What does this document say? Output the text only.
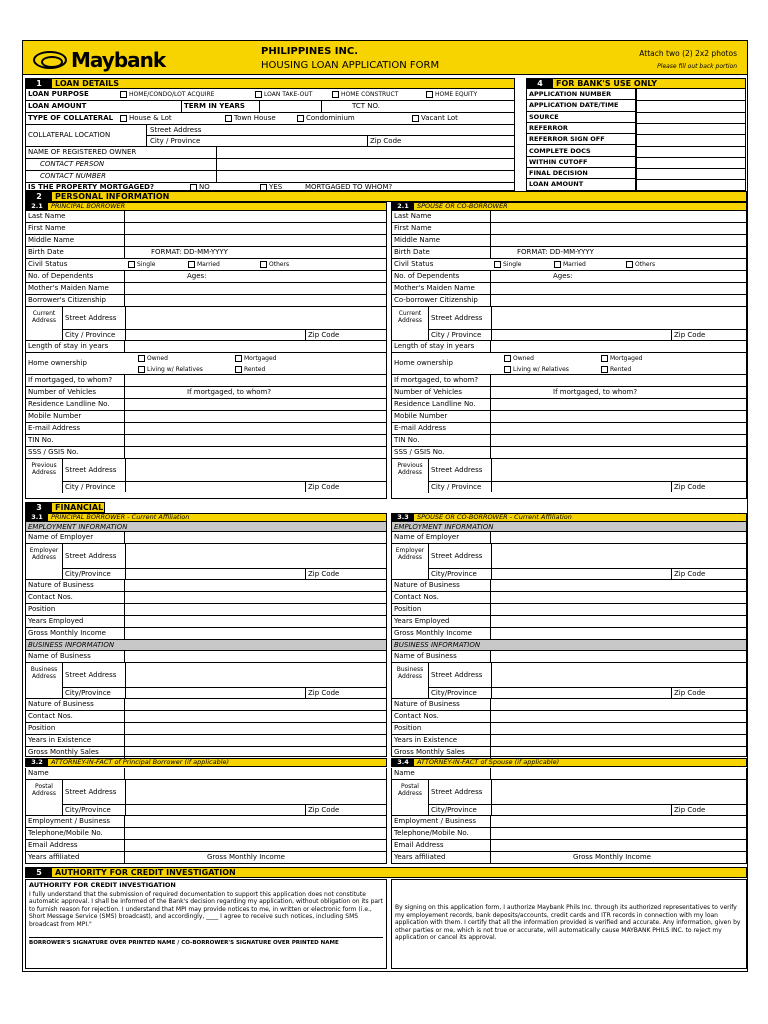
Maybank	PHILIPPINES INC.
HOUSING LOAN APPLICATION FORM
Attach two (2) 2x2 photos
Please fill out back portion
1 LOAN DETAILS
LOAN PURPOSE	HOME/CONDO/LOT ACQUIRE	LOAN TAKE-OUT	HOME CONSTRUCT	HOME EQUITY
LOAN AMOUNT	TERM IN YEARS	TCT NO.
TYPE OF COLLATERAL	House & Lot	Town House	Condominium	Vacant Lot
COLLATERAL LOCATION
Street Address
City / Province	Zip Code
NAME OF REGISTERED OWNER
CONTACT PERSON
CONTACT NUMBER
IS THE PROPERTY MORTGAGED?	NO	YES	MORTGAGED TO WHOM?
4 FOR BANK'S USE ONLY
APPLICATION NUMBER
APPLICATION DATE/TIME
SOURCE
REFERROR
REFERROR SIGN OFF
COMPLETE DOCS
WITHIN CUTOFF
FINAL DECISION
LOAN AMOUNT
2 PERSONAL INFORMATION
2.1 PRINCIPAL BORROWER	2.1 SPOUSE OR CO-BORROWER
Last Name
First Name
Middle Name
Birth Date	FORMAT: DD-MM-YYYY
Civil Status	Single	Married	Others
No. of Dependents	Ages:
Mother's Maiden Name
Borrower's Citizenship
Current Address	Street Address
City / Province	Zip Code
Length of stay in years
Home ownership
Owned	Mortgaged
Living w/ Relatives	Rented
If mortgaged, to whom?
Number of Vehicles	If mortgaged, to whom?
Residence Landline No.
Mobile Number
E-mail Address
TIN No.
SSS / GSIS No.
Previous Address	Street Address
City / Province	Zip Code
Last Name
First Name
Middle Name
Birth Date	FORMAT: DD-MM-YYYY
Civil Status	Single	Married	Others
No. of Dependents	Ages:
Mother's Maiden Name
Co-borrower Citizenship
Current Address	Street Address
City / Province	Zip Code
Length of stay in years
Home ownership
Owned	Mortgaged
Living w/ Relatives	Rented
If mortgaged, to whom?
Number of Vehicles	If mortgaged, to whom?
Residence Landline No.
Mobile Number
E-mail Address
TIN No.
SSS / GSIS No.
Previous Address	Street Address
City / Province	Zip Code
3 FINANCIAL
3.1 PRINCIPAL BORROWER - Current Affiliation	3.3 SPOUSE OR CO-BORROWER - Current Affiliation
EMPLOYMENT INFORMATION
Name of Employer
Employer Address	Street Address
City/Province	Zip Code
Nature of Business
Contact Nos.
Position
Years Employed
Gross Monthly Income
BUSINESS INFORMATION
Name of Business
Business Address	Street Address
City/Province	Zip Code
Nature of Business
Contact Nos.
Position
Years in Existence
Gross Monthly Sales
EMPLOYMENT INFORMATION
Name of Employer
Employer Address	Street Address
City/Province	Zip Code
Nature of Business
Contact Nos.
Position
Years Employed
Gross Monthly Income
BUSINESS INFORMATION
Name of Business
Business Address	Street Address
City/Province	Zip Code
Nature of Business
Contact Nos.
Position
Years in Existence
Gross Monthly Sales
3.2 ATTORNEY-IN-FACT of Principal Borrower (if applicable)	3.4 ATTORNEY-IN-FACT of Spouse (if applicable)
Name
Postal Address	Street Address
City/Province	Zip Code
Employment / Business
Telephone/Mobile No.
Email Address
Years affiliated	Gross Monthly Income
Name
Postal Address	Street Address
City/Province	Zip Code
Employment / Business
Telephone/Mobile No.
Email Address
Years affiliated	Gross Monthly Income
5 AUTHORITY FOR CREDIT INVESTIGATION
AUTHORITY FOR CREDIT INVESTIGATION
I fully understand that the submission of required documentation to support this application does not constitute automatic approval. I shall be informed of the Bank's decision regarding my application, without obligation on its part to furnish reason for rejection. I understand that MPI may provide notices to me, in written or electronic form (i.e., Short Message Service (SMS) broadcast), and accordingly, ____ I agree to receive such notices, including SMS broadcast from MPI."
BORROWER'S SIGNATURE OVER PRINTED NAME / CO-BORROWER'S SIGNATURE OVER PRINTED NAME
By signing on this application form, I authorize Maybank Phils Inc. through its authorized representatives to verify my employement records, bank deposits/accounts, credit cards and ITR records in connection with my loan application with them. I certify that all the information provided is verified and accurate. Any information, given by other parties or me, which is not true or accurate, will automatically cause MAYBANK PHILS INC. to reject my application or cancel its approval.
